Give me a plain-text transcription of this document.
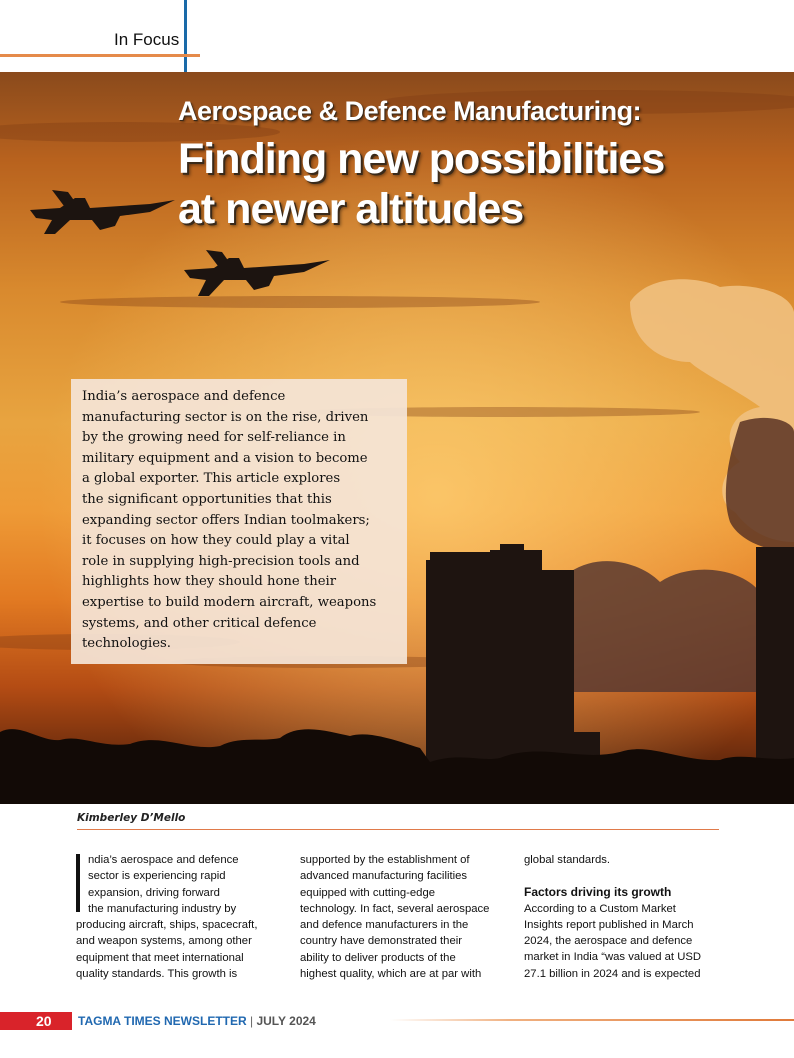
In Focus
Aerospace & Defence Manufacturing:
Finding new possibilities
at newer altitudes
India’s aerospace and defence
manufacturing sector is on the rise, driven
by the growing need for self-reliance in
military equipment and a vision to become
a global exporter. This article explores
the significant opportunities that this
expanding sector offers Indian toolmakers;
it focuses on how they could play a vital
role in supplying high-precision tools and
highlights how they should hone their
expertise to build modern aircraft, weapons
systems, and other critical defence
technologies.
Kimberley D’Mello
ndia’s aerospace and defence
sector is experiencing rapid
expansion, driving forward
the manufacturing industry by
producing aircraft, ships, spacecraft,
and weapon systems, among other
equipment that meet international
quality standards. This growth is
supported by the establishment of
advanced manufacturing facilities
equipped with cutting-edge
technology. In fact, several aerospace
and defence manufacturers in the
country have demonstrated their
ability to deliver products of the
highest quality, which are at par with
global standards.
Factors driving its growth
According to a Custom Market
Insights report published in March
2024, the aerospace and defence
market in India “was valued at USD
27.1 billion in 2024 and is expected
20	TAGMA TIMES NEWSLETTER | JULY 2024
